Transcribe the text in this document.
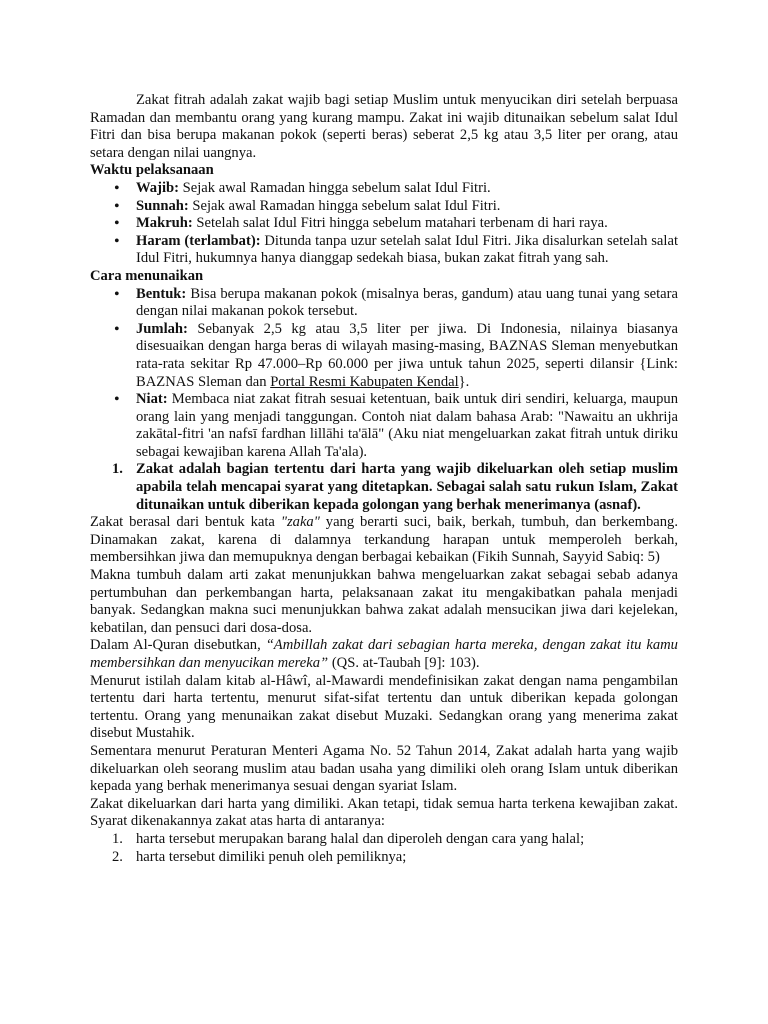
Zakat fitrah adalah zakat wajib bagi setiap Muslim untuk menyucikan diri setelah berpuasa Ramadan dan membantu orang yang kurang mampu. Zakat ini wajib ditunaikan sebelum salat Idul Fitri dan bisa berupa makanan pokok (seperti beras) seberat 2,5 kg atau 3,5 liter per orang, atau setara dengan nilai uangnya.

Waktu pelaksanaan

• Wajib: Sejak awal Ramadan hingga sebelum salat Idul Fitri.
• Sunnah: Sejak awal Ramadan hingga sebelum salat Idul Fitri.
• Makruh: Setelah salat Idul Fitri hingga sebelum matahari terbenam di hari raya.
• Haram (terlambat): Ditunda tanpa uzur setelah salat Idul Fitri. Jika disalurkan setelah salat Idul Fitri, hukumnya hanya dianggap sedekah biasa, bukan zakat fitrah yang sah.

Cara menunaikan

• Bentuk: Bisa berupa makanan pokok (misalnya beras, gandum) atau uang tunai yang setara dengan nilai makanan pokok tersebut.
• Jumlah: Sebanyak 2,5 kg atau 3,5 liter per jiwa. Di Indonesia, nilainya biasanya disesuaikan dengan harga beras di wilayah masing-masing, BAZNAS Sleman menyebutkan rata-rata sekitar Rp 47.000–Rp 60.000 per jiwa untuk tahun 2025, seperti dilansir {Link: BAZNAS Sleman dan Portal Resmi Kabupaten Kendal}.
• Niat: Membaca niat zakat fitrah sesuai ketentuan, baik untuk diri sendiri, keluarga, maupun orang lain yang menjadi tanggungan. Contoh niat dalam bahasa Arab: "Nawaitu an ukhrija zakātal-fitri 'an nafsī fardhan lillāhi ta'ālā" (Aku niat mengeluarkan zakat fitrah untuk diriku sebagai kewajiban karena Allah Ta'ala).
1. Zakat adalah bagian tertentu dari harta yang wajib dikeluarkan oleh setiap muslim apabila telah mencapai syarat yang ditetapkan. Sebagai salah satu rukun Islam, Zakat ditunaikan untuk diberikan kepada golongan yang berhak menerimanya (asnaf).

Zakat berasal dari bentuk kata "zaka" yang berarti suci, baik, berkah, tumbuh, dan berkembang. Dinamakan zakat, karena di dalamnya terkandung harapan untuk memperoleh berkah, membersihkan jiwa dan memupuknya dengan berbagai kebaikan (Fikih Sunnah, Sayyid Sabiq: 5)

Makna tumbuh dalam arti zakat menunjukkan bahwa mengeluarkan zakat sebagai sebab adanya pertumbuhan dan perkembangan harta, pelaksanaan zakat itu mengakibatkan pahala menjadi banyak. Sedangkan makna suci menunjukkan bahwa zakat adalah mensucikan jiwa dari kejelekan, kebatilan, dan pensuci dari dosa-dosa.

Dalam Al-Quran disebutkan, “Ambillah zakat dari sebagian harta mereka, dengan zakat itu kamu membersihkan dan menyucikan mereka” (QS. at-Taubah [9]: 103).

Menurut istilah dalam kitab al-Hâwî, al-Mawardi mendefinisikan zakat dengan nama pengambilan tertentu dari harta tertentu, menurut sifat-sifat tertentu dan untuk diberikan kepada golongan tertentu. Orang yang menunaikan zakat disebut Muzaki. Sedangkan orang yang menerima zakat disebut Mustahik.

Sementara menurut Peraturan Menteri Agama No. 52 Tahun 2014, Zakat adalah harta yang wajib dikeluarkan oleh seorang muslim atau badan usaha yang dimiliki oleh orang Islam untuk diberikan kepada yang berhak menerimanya sesuai dengan syariat Islam.

Zakat dikeluarkan dari harta yang dimiliki. Akan tetapi, tidak semua harta terkena kewajiban zakat. Syarat dikenakannya zakat atas harta di antaranya:

1. harta tersebut merupakan barang halal dan diperoleh dengan cara yang halal;
2. harta tersebut dimiliki penuh oleh pemiliknya;
